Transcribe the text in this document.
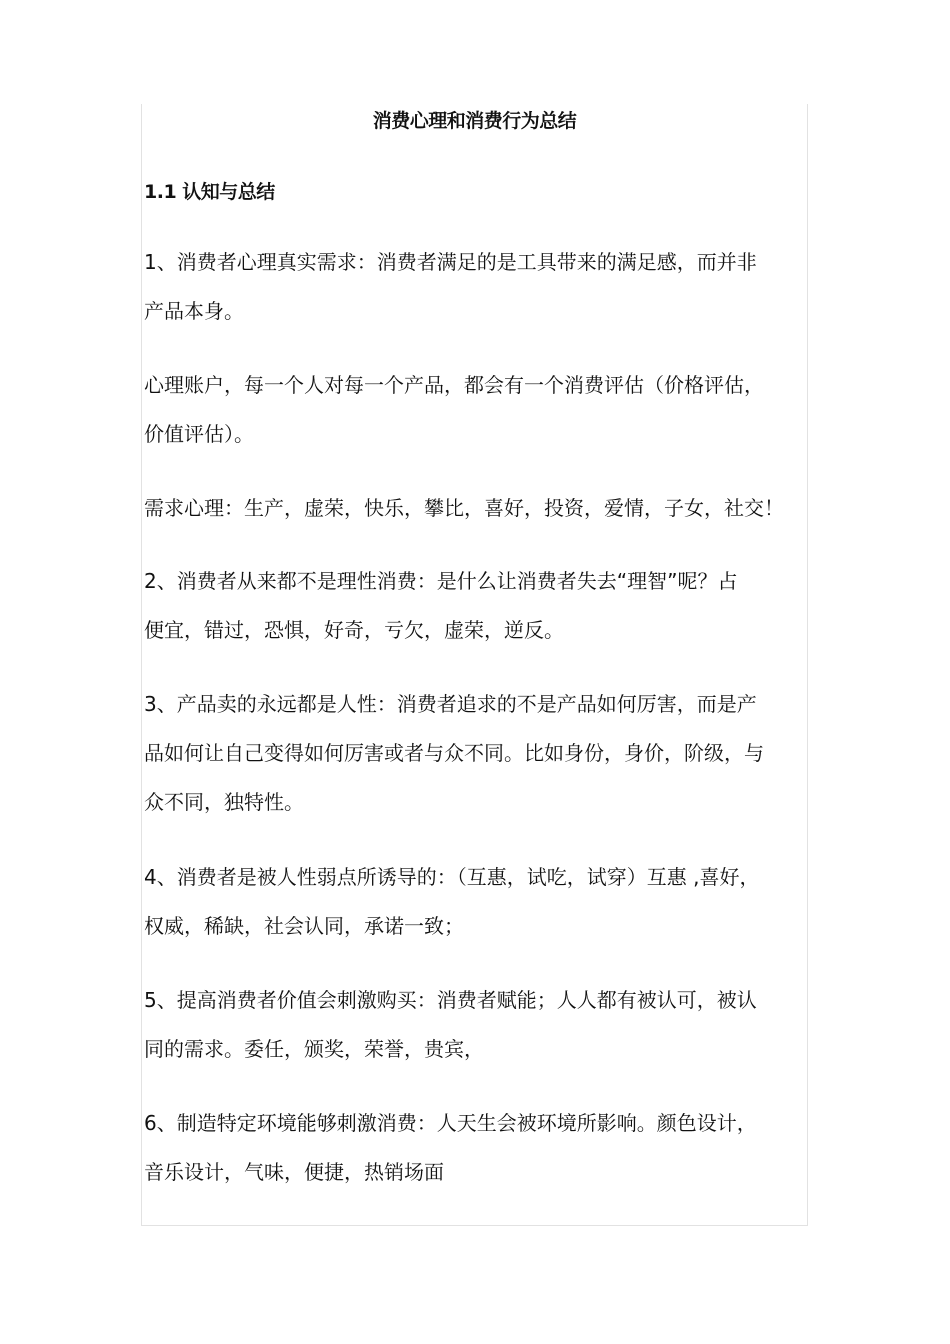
消费心理和消费行为总结
1.1 认知与总结
1、消费者心理真实需求：消费者满足的是工具带来的满足感，而并非
产品本身。
心理账户，每一个人对每一个产品，都会有一个消费评估（价格评估，
价值评估）。
需求心理：生产，虚荣，快乐，攀比，喜好，投资，爱情，子女，社交！
2、消费者从来都不是理性消费：是什么让消费者失去“理智”呢？占
便宜，错过，恐惧，好奇，亏欠，虚荣，逆反。
3、产品卖的永远都是人性：消费者追求的不是产品如何厉害，而是产
品如何让自己变得如何厉害或者与众不同。比如身份，身价，阶级，与
众不同，独特性。
4、消费者是被人性弱点所诱导的：（互惠，试吃，试穿）互惠 ,喜好，
权威，稀缺，社会认同，承诺一致；
5、提高消费者价值会刺激购买：消费者赋能；人人都有被认可，被认
同的需求。委任，颁奖，荣誉，贵宾，
6、制造特定环境能够刺激消费：人天生会被环境所影响。颜色设计，
音乐设计，气味，便捷，热销场面
